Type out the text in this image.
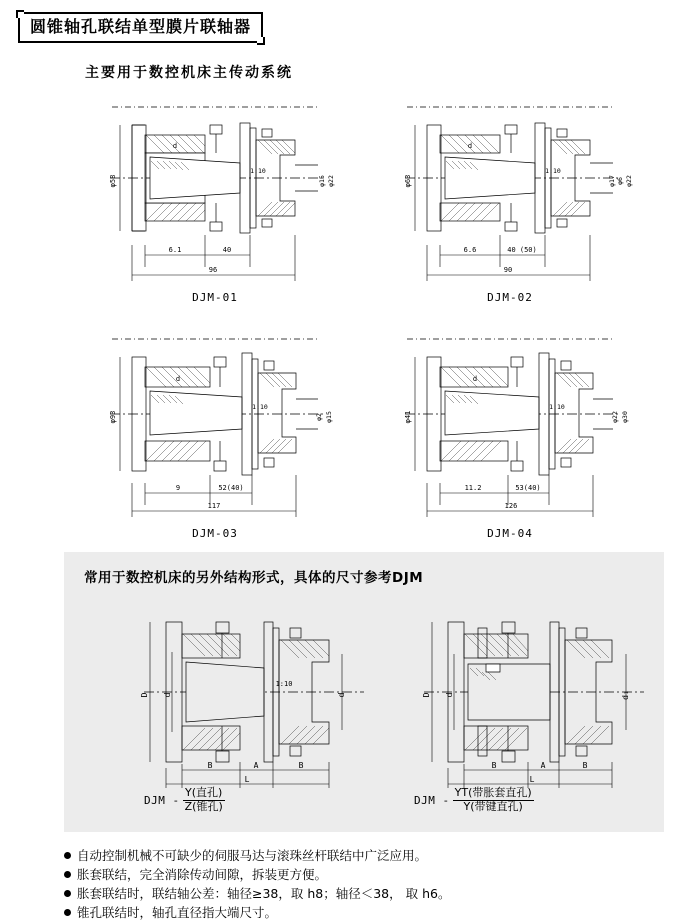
圆锥轴孔联结单型膜片联轴器
主要用于数控机床主传动系统
φ58
d
1:10
φ15 φ22
6.1	40
96
DJM-01
φ63
d
1:10
φ17 φ6 φ22
6.6	40 (50)
90
DJM-02
φ93
d
1:10
φ2 φ15
9	52(40)
117
DJM-03
φ41
d
1:10
φ22 φ30
11.2	53(40)
126
DJM-04
常用于数控机床的另外结构形式，具体的尺寸参考DJM
D d	d
1:10
B	A	B
L
DJM - $\frac{\text{Y(直孔)}}{\text{Z(锥孔)}}$
D d	d₁
B	A	B
L
DJM - $\frac{\text{YT(带胀套直孔)}}{\text{Y(带键直孔)}}$
自动控制机械不可缺少的伺服马达与滚珠丝杆联结中广泛应用。
胀套联结，完全消除传动间隙，拆装更方便。
胀套联结时，联结轴公差：轴径≥38，取 h8；轴径＜38， 取 h6。
锥孔联结时，轴孔直径指大端尺寸。
